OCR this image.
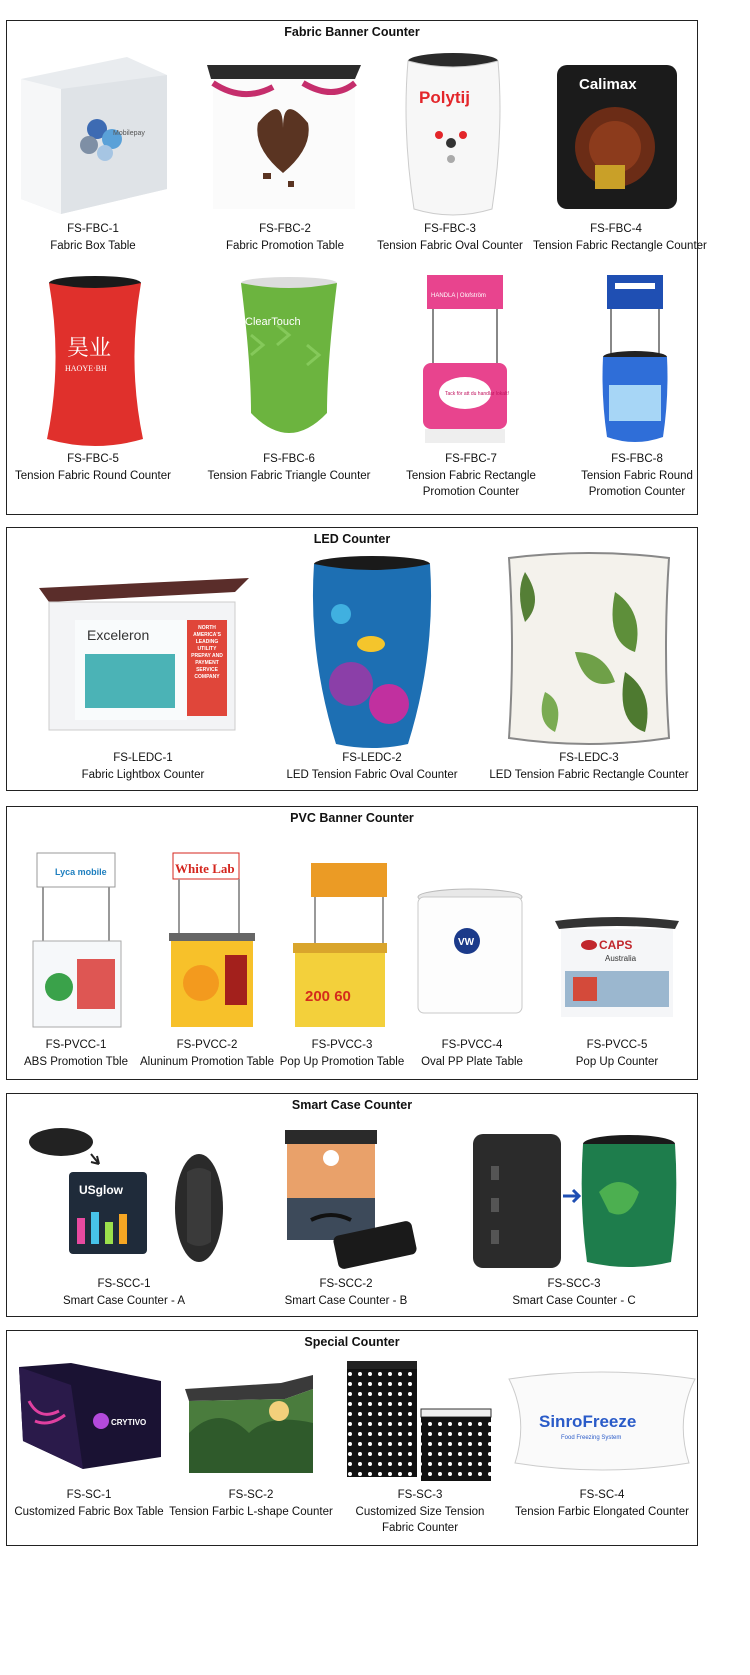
Fabric Banner Counter
Mobilepay
FS-FBC-1
Fabric Box Table
FS-FBC-2
Fabric Promotion Table
Polytij
FS-FBC-3
Tension Fabric Oval Counter
Calimax
FS-FBC-4
Tension Fabric Rectangle Counter
昊业
HAOYE·BH
FS-FBC-5
Tension Fabric Round Counter
ClearTouch
FS-FBC-6
Tension Fabric Triangle Counter
HANDLA | Olofström
Tack för att du handlar lokalt!
FS-FBC-7
Tension Fabric Rectangle
Promotion Counter
FS-FBC-8
Tension Fabric Round
Promotion Counter
LED Counter
Exceleron	NORTH AMERICA'S LEADING UTILITY PREPAY AND PAYMENT SERVICE COMPANY
FS-LEDC-1
Fabric Lightbox Counter
FS-LEDC-2
LED Tension Fabric Oval Counter
FS-LEDC-3
LED Tension Fabric Rectangle Counter
PVC Banner Counter
Lyca mobile
FS-PVCC-1
ABS Promotion Tble
White Lab
FS-PVCC-2
Aluninum Promotion Table
200 60
FS-PVCC-3
Pop Up Promotion Table
VW
FS-PVCC-4
Oval PP Plate Table
CAPS
Australia
FS-PVCC-5
Pop Up Counter
Smart Case Counter
USglow
FS-SCC-1
Smart Case Counter - A
FS-SCC-2
Smart Case Counter - B
FS-SCC-3
Smart Case Counter - C
Special Counter
CRYTIVO
FS-SC-1
Customized Fabric Box Table
FS-SC-2
Tension Farbic L-shape Counter
FS-SC-3
Customized Size Tension
Fabric Counter
SinroFreeze
Food Freezing System
FS-SC-4
Tension Farbic Elongated Counter
